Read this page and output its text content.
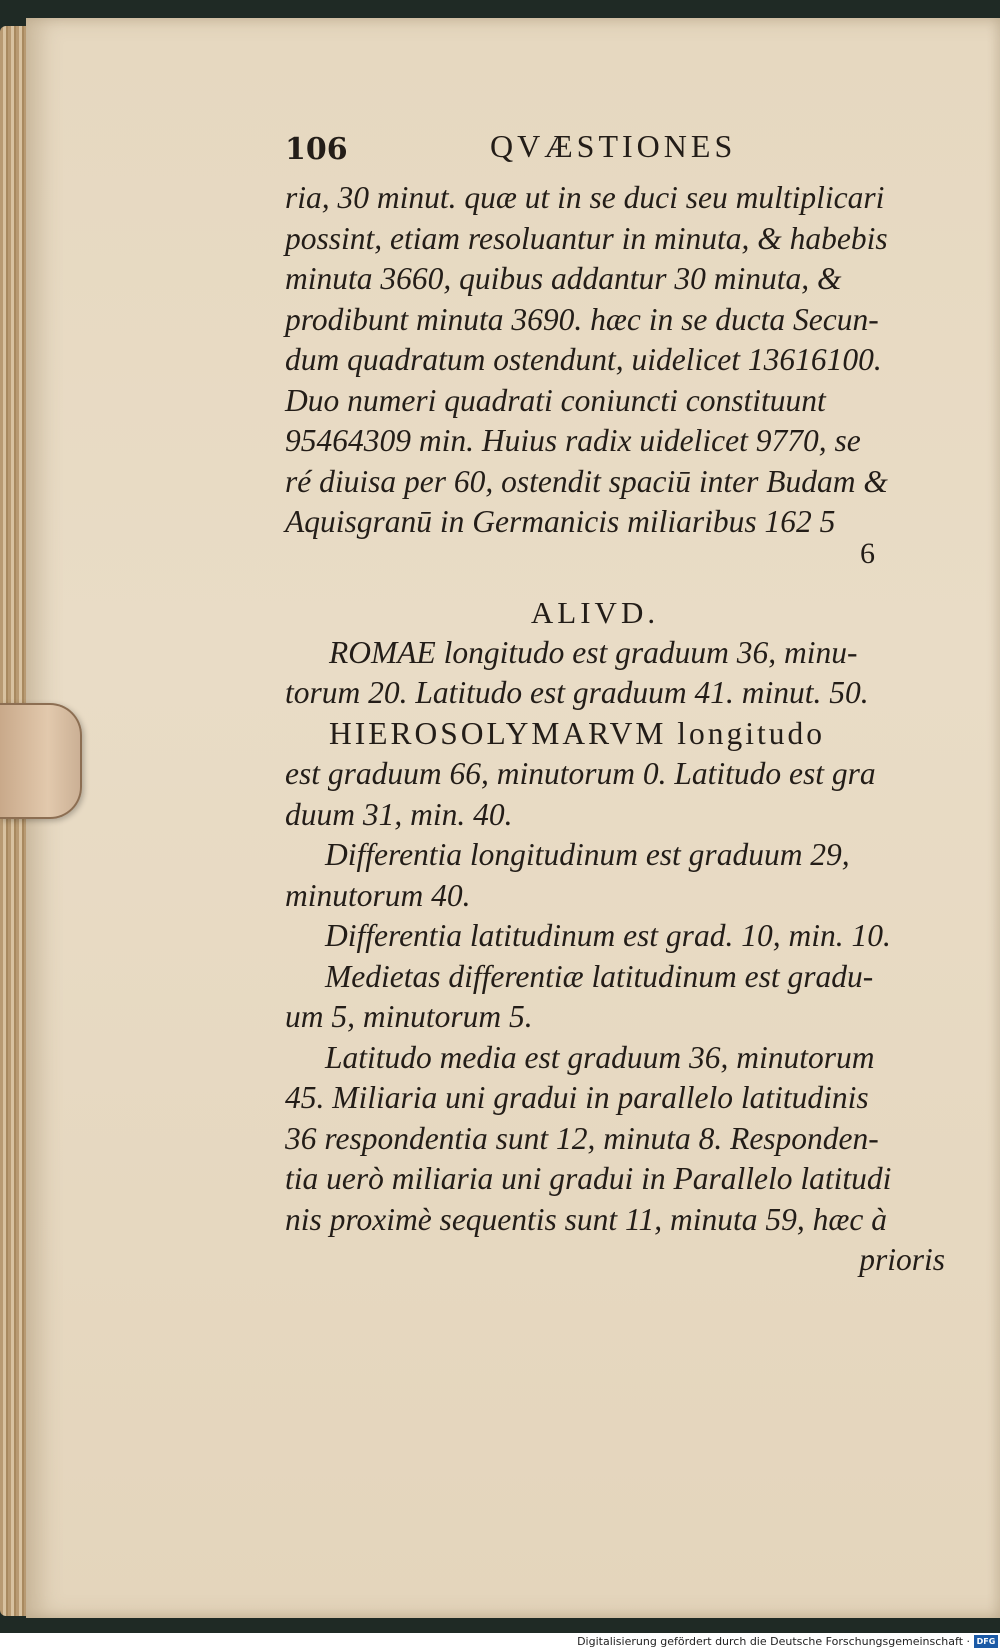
106	QVÆSTIONES
ria, 30 minut. quæ ut in se duci seu multiplicari
possint, etiam resoluantur in minuta, & habebis
minuta 3660, quibus addantur 30 minuta, &
prodibunt minuta 3690. hæc in se ducta Secun-
dum quadratum ostendunt, uidelicet 13616100.
Duo numeri quadrati coniuncti constituunt
95464309 min. Huius radix uidelicet 9770, se
ré diuisa per 60, ostendit spaciū inter Budam &
Aquisgranū in Germanicis miliaribus 162 5
6
ALIVD.
ROMAE longitudo est graduum 36, minu-
torum 20. Latitudo est graduum 41. minut. 50.
HIEROSOLYMARVM longitudo
est graduum 66, minutorum 0. Latitudo est gra
duum 31, min. 40.
Differentia longitudinum est graduum 29,
minutorum 40.
Differentia latitudinum est grad. 10, min. 10.
Medietas differentiæ latitudinum est gradu-
um 5, minutorum 5.
Latitudo media est graduum 36, minutorum
45. Miliaria uni gradui in parallelo latitudinis
36 respondentia sunt 12, minuta 8. Responden-
tia uerò miliaria uni gradui in Parallelo latitudi
nis proximè sequentis sunt 11, minuta 59, hæc à
prioris
Digitalisierung gefördert durch die Deutsche Forschungsgemeinschaft · DFG
